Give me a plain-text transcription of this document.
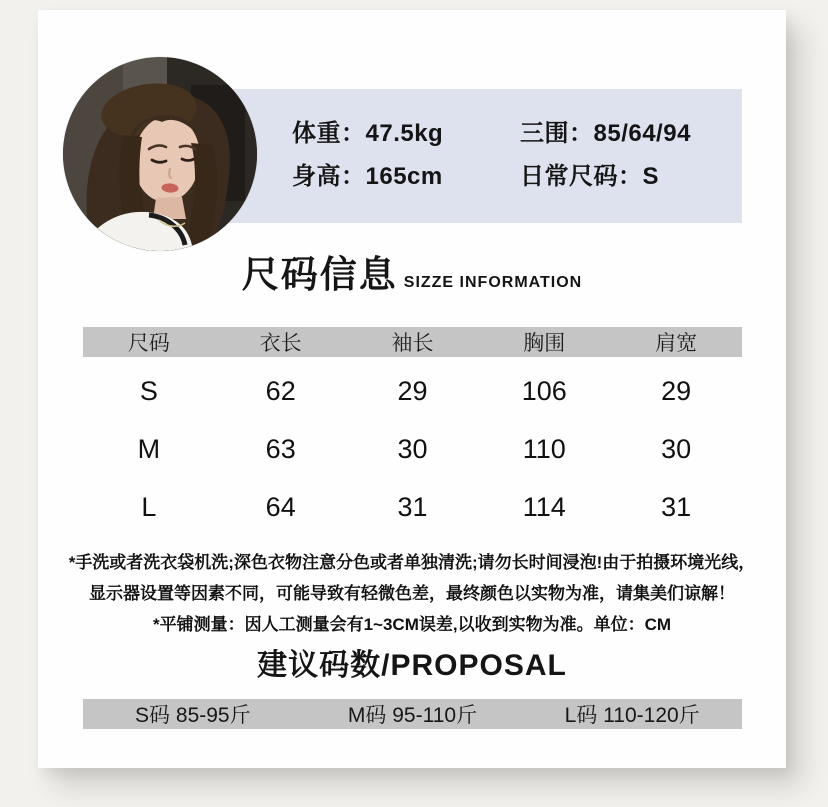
体重：47.5kg	三围：85/64/94
身高：165cm	日常尺码：S
尺码信息 SIZZE INFORMATION
尺码	衣长	袖长	胸围	肩宽
S	62	29	106	29
M	63	30	110	30
L	64	31	114	31
*手洗或者洗衣袋机洗;深色衣物注意分色或者单独清洗;请勿长时间浸泡!由于拍摄环境光线，
显示器设置等因素不同，可能导致有轻微色差，最终颜色以实物为准，请集美们谅解！
*平铺测量：因人工测量会有1~3CM误差,以收到实物为准。单位：CM
建议码数/PROPOSAL
S码 85-95斤	M码 95-110斤	L码 110-120斤
